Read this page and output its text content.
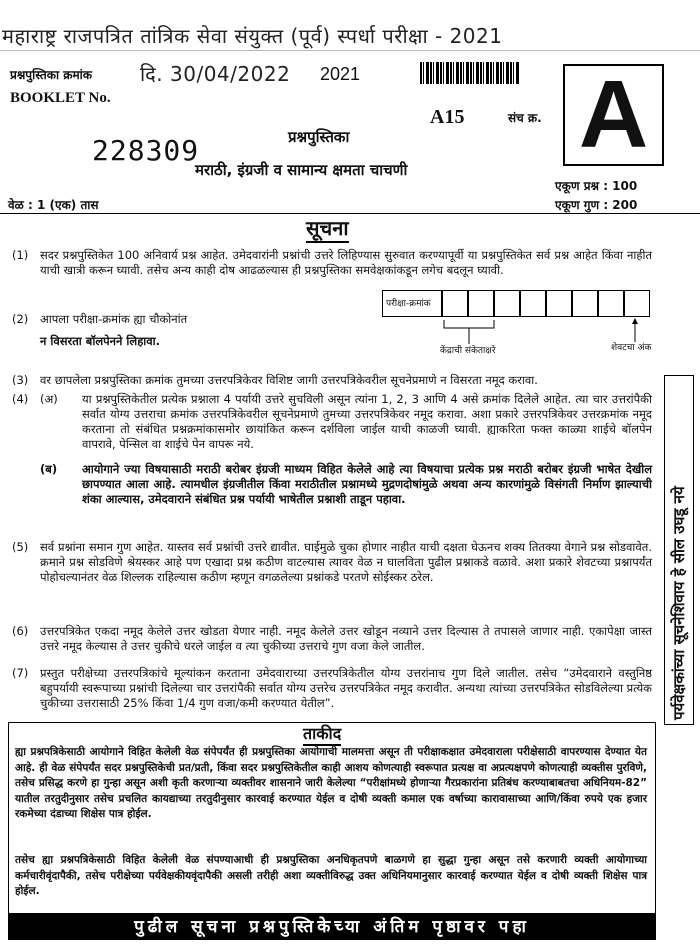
महाराष्ट्र राजपत्रित तांत्रिक सेवा संयुक्त (पूर्व) स्पर्धा परीक्षा - 2021
प्रश्नपुस्तिका क्रमांक
BOOKLET No.
दि. 30/04/2022 2021 A
A15	संच क्र.
228309	प्रश्नपुस्तिका
मराठी, इंग्रजी व सामान्य क्षमता चाचणी
एकूण प्रश्न : 100
वेळ : 1 (एक) तास	एकूण गुण : 200
सूचना
(1) सदर प्रश्नपुस्तिकेत 100 अनिवार्य प्रश्न आहेत. उमेदवारांनी प्रश्नांची उत्तरे लिहिण्यास सुरुवात करण्यापूर्वी या प्रश्नपुस्तिकेत सर्व प्रश्न आहेत किंवा नाहीत याची खात्री करून घ्यावी. तसेच अन्य काही दोष आढळल्यास ही प्रश्नपुस्तिका समवेक्षकांकडून लगेच बदलून घ्यावी.

परीक्षा-क्रमांक
केंद्राची संकेताक्षरे	शेवटचा अंक
(2) आपला परीक्षा-क्रमांक ह्या चौकोनांत

न विसरता बॉलपेनने लिहावा.

(3) वर छापलेला प्रश्नपुस्तिका क्रमांक तुमच्या उत्तरपत्रिकेवर विशिष्ट जागी उत्तरपत्रिकेवरील सूचनेप्रमाणे न विसरता नमूद करावा.

(4) (अ) या प्रश्नपुस्तिकेतील प्रत्येक प्रश्नाला 4 पर्यायी उत्तरे सुचविली असून त्यांना 1, 2, 3 आणि 4 असे क्रमांक दिलेले आहेत. त्या चार उत्तरांपैकी सर्वात योग्य उत्तराचा क्रमांक उत्तरपत्रिकेवरील सूचनेप्रमाणे तुमच्या उत्तरपत्रिकेवर नमूद करावा. अशा प्रकारे उत्तरपत्रिकेवर उत्तरक्रमांक नमूद करताना तो संबंधित प्रश्नक्रमांकासमोर छायांकित करून दर्शविला जाईल याची काळजी घ्यावी. ह्याकरिता फक्त काळ्या शाईचे बॉलपेन वापरावे, पेन्सिल वा शाईचे पेन वापरू नये.

(ब) आयोगाने ज्या विषयासाठी मराठी बरोबर इंग्रजी माध्यम विहित केलेले आहे त्या विषयाचा प्रत्येक प्रश्न मराठी बरोबर इंग्रजी भाषेत देखील छापण्यात आला आहे. त्यामधील इंग्रजीतील किंवा मराठीतील प्रश्नामध्ये मुद्रणदोषांमुळे अथवा अन्य कारणांमुळे विसंगती निर्माण झाल्याची शंका आल्यास, उमेदवाराने संबंधित प्रश्न पर्यायी भाषेतील प्रश्नाशी ताडून पहावा.

(5) सर्व प्रश्नांना समान गुण आहेत. यास्तव सर्व प्रश्नांची उत्तरे द्यावीत. घाईमुळे चुका होणार नाहीत याची दक्षता घेऊनच शक्य तितक्या वेगाने प्रश्न सोडवावेत. क्रमाने प्रश्न सोडविणे श्रेयस्कर आहे पण एखादा प्रश्न कठीण वाटल्यास त्यावर वेळ न घालविता पुढील प्रश्नाकडे वळावे. अशा प्रकारे शेवटच्या प्रश्नापर्यंत पोहोचल्यानंतर वेळ शिल्लक राहिल्यास कठीण म्हणून वगळलेल्या प्रश्नांकडे परतणे सोईस्कर ठरेल.

(6) उत्तरपत्रिकेत एकदा नमूद केलेले उत्तर खोडता येणार नाही. नमूद केलेले उत्तर खोडून नव्याने उत्तर दिल्यास ते तपासले जाणार नाही. एकापेक्षा जास्त उत्तरे नमूद केल्यास ते उत्तर चुकीचे धरले जाईल व त्या चुकीच्या उत्तराचे गुण वजा केले जातील.

(7) प्रस्तुत परीक्षेच्या उत्तरपत्रिकांचे मूल्यांकन करताना उमेदवाराच्या उत्तरपत्रिकेतील योग्य उत्तरांनाच गुण दिले जातील. तसेच “उमेदवाराने वस्तुनिष्ठ बहुपर्यायी स्वरूपाच्या प्रश्नांची दिलेल्या चार उत्तरांपैकी सर्वात योग्य उत्तरेच उत्तरपत्रिकेत नमूद करावीत. अन्यथा त्यांच्या उत्तरपत्रिकेत सोडविलेल्या प्रत्येक चुकीच्या उत्तरासाठी 25% किंवा 1/4 गुण वजा/कमी करण्यात येतील”.	पर्यवेक्षकांच्या सूचनेशिवाय हे सील उघडू नये
ताकीद

ह्या प्रश्नपत्रिकेसाठी आयोगाने विहित केलेली वेळ संपेपर्यंत ही प्रश्नपुस्तिका आयोगाची मालमत्ता असून ती परीक्षाकक्षात उमेदवाराला परीक्षेसाठी वापरण्यास देण्यात येत आहे. ही वेळ संपेपर्यंत सदर प्रश्नपुस्तिकेची प्रत/प्रती, किंवा सदर प्रश्नपुस्तिकेतील काही आशय कोणत्याही स्वरूपात प्रत्यक्ष वा अप्रत्यक्षपणे कोणत्याही व्यक्तीस पुरविणे, तसेच प्रसिद्ध करणे हा गुन्हा असून अशी कृती करणाऱ्या व्यक्तीवर शासनाने जारी केलेल्या “परीक्षांमध्ये होणाऱ्या गैरप्रकारांना प्रतिबंध करण्याबाबतचा अधिनियम-82” यातील तरतुदीनुसार तसेच प्रचलित कायद्याच्या तरतुदीनुसार कारवाई करण्यात येईल व दोषी व्यक्ती कमाल एक वर्षाच्या कारावासाच्या आणि/किंवा रुपये एक हजार रकमेच्या दंडाच्या शिक्षेस पात्र होईल.

तसेच ह्या प्रश्नपत्रिकेसाठी विहित केलेली वेळ संपण्याआधी ही प्रश्नपुस्तिका अनधिकृतपणे बाळगणे हा सुद्धा गुन्हा असून तसे करणारी व्यक्ती आयोगाच्या कर्मचारीवृंदापैकी, तसेच परीक्षेच्या पर्यवेक्षकीयवृंदापैकी असली तरीही अशा व्यक्तीविरुद्ध उक्त अधिनियमानुसार कारवाई करण्यात येईल व दोषी व्यक्ती शिक्षेस पात्र होईल.

पुढील सूचना प्रश्नपुस्तिकेच्या अंतिम पृष्ठावर पहा
